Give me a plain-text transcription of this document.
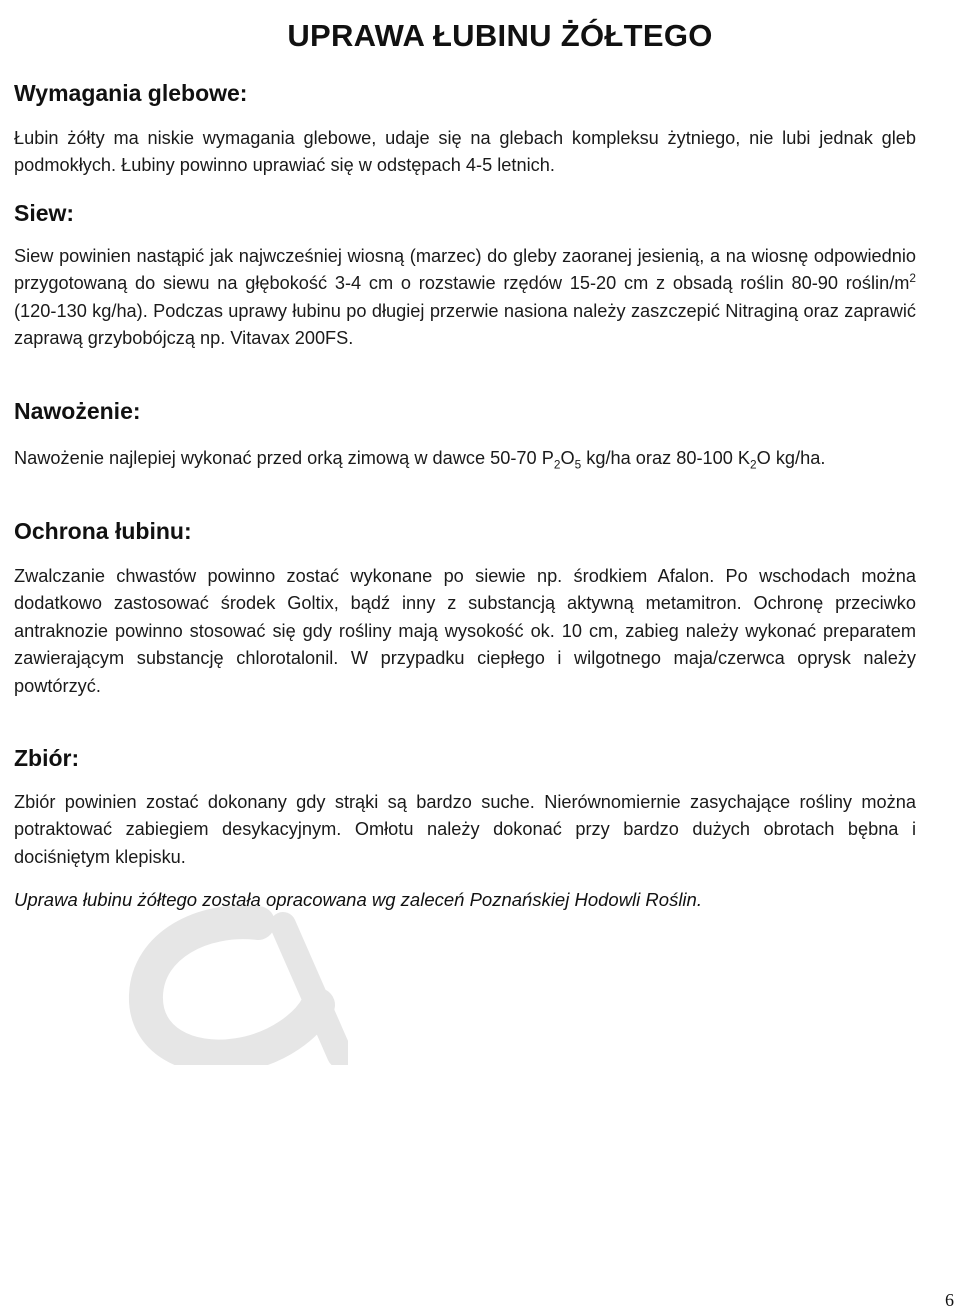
UPRAWA ŁUBINU ŻÓŁTEGO
Wymagania glebowe:

Łubin żółty ma niskie wymagania glebowe, udaje się na glebach kompleksu żytniego, nie lubi jednak gleb podmokłych. Łubiny powinno uprawiać się w odstępach 4-5 letnich.

Siew:

Siew powinien nastąpić jak najwcześniej wiosną (marzec) do gleby zaoranej jesienią, a na wiosnę odpowiednio przygotowaną do siewu na głębokość 3-4 cm o rozstawie rzędów 15-20 cm z obsadą roślin 80-90 roślin/$m^2$ (120-130 kg/ha). Podczas uprawy łubinu po długiej przerwie nasiona należy zaszczepić Nitraginą oraz zaprawić zaprawą grzybobójczą np. Vitavax 200FS.

Nawożenie:

Nawożenie najlepiej wykonać przed orką zimową w dawce 50-70 $P_2O_5$ kg/ha oraz 80-100 $K_2O$ kg/ha.

Ochrona łubinu:

Zwalczanie chwastów powinno zostać wykonane po siewie np. środkiem Afalon. Po wschodach można dodatkowo zastosować środek Goltix, bądź inny z substancją aktywną metamitron. Ochronę przeciwko antraknozie powinno stosować się gdy rośliny mają wysokość ok. 10 cm, zabieg należy wykonać preparatem zawierającym substancję chlorotalonil. W przypadku ciepłego i wilgotnego maja/czerwca oprysk należy powtórzyć.

Zbiór:

Zbiór powinien zostać dokonany gdy strąki są bardzo suche. Nierównomiernie zasychające rośliny można potraktować zabiegiem desykacyjnym. Omłotu należy dokonać przy bardzo dużych obrotach bębna i dociśniętym klepisku.

Uprawa łubinu żółtego została opracowana wg zaleceń Poznańskiej Hodowli Roślin.

6
